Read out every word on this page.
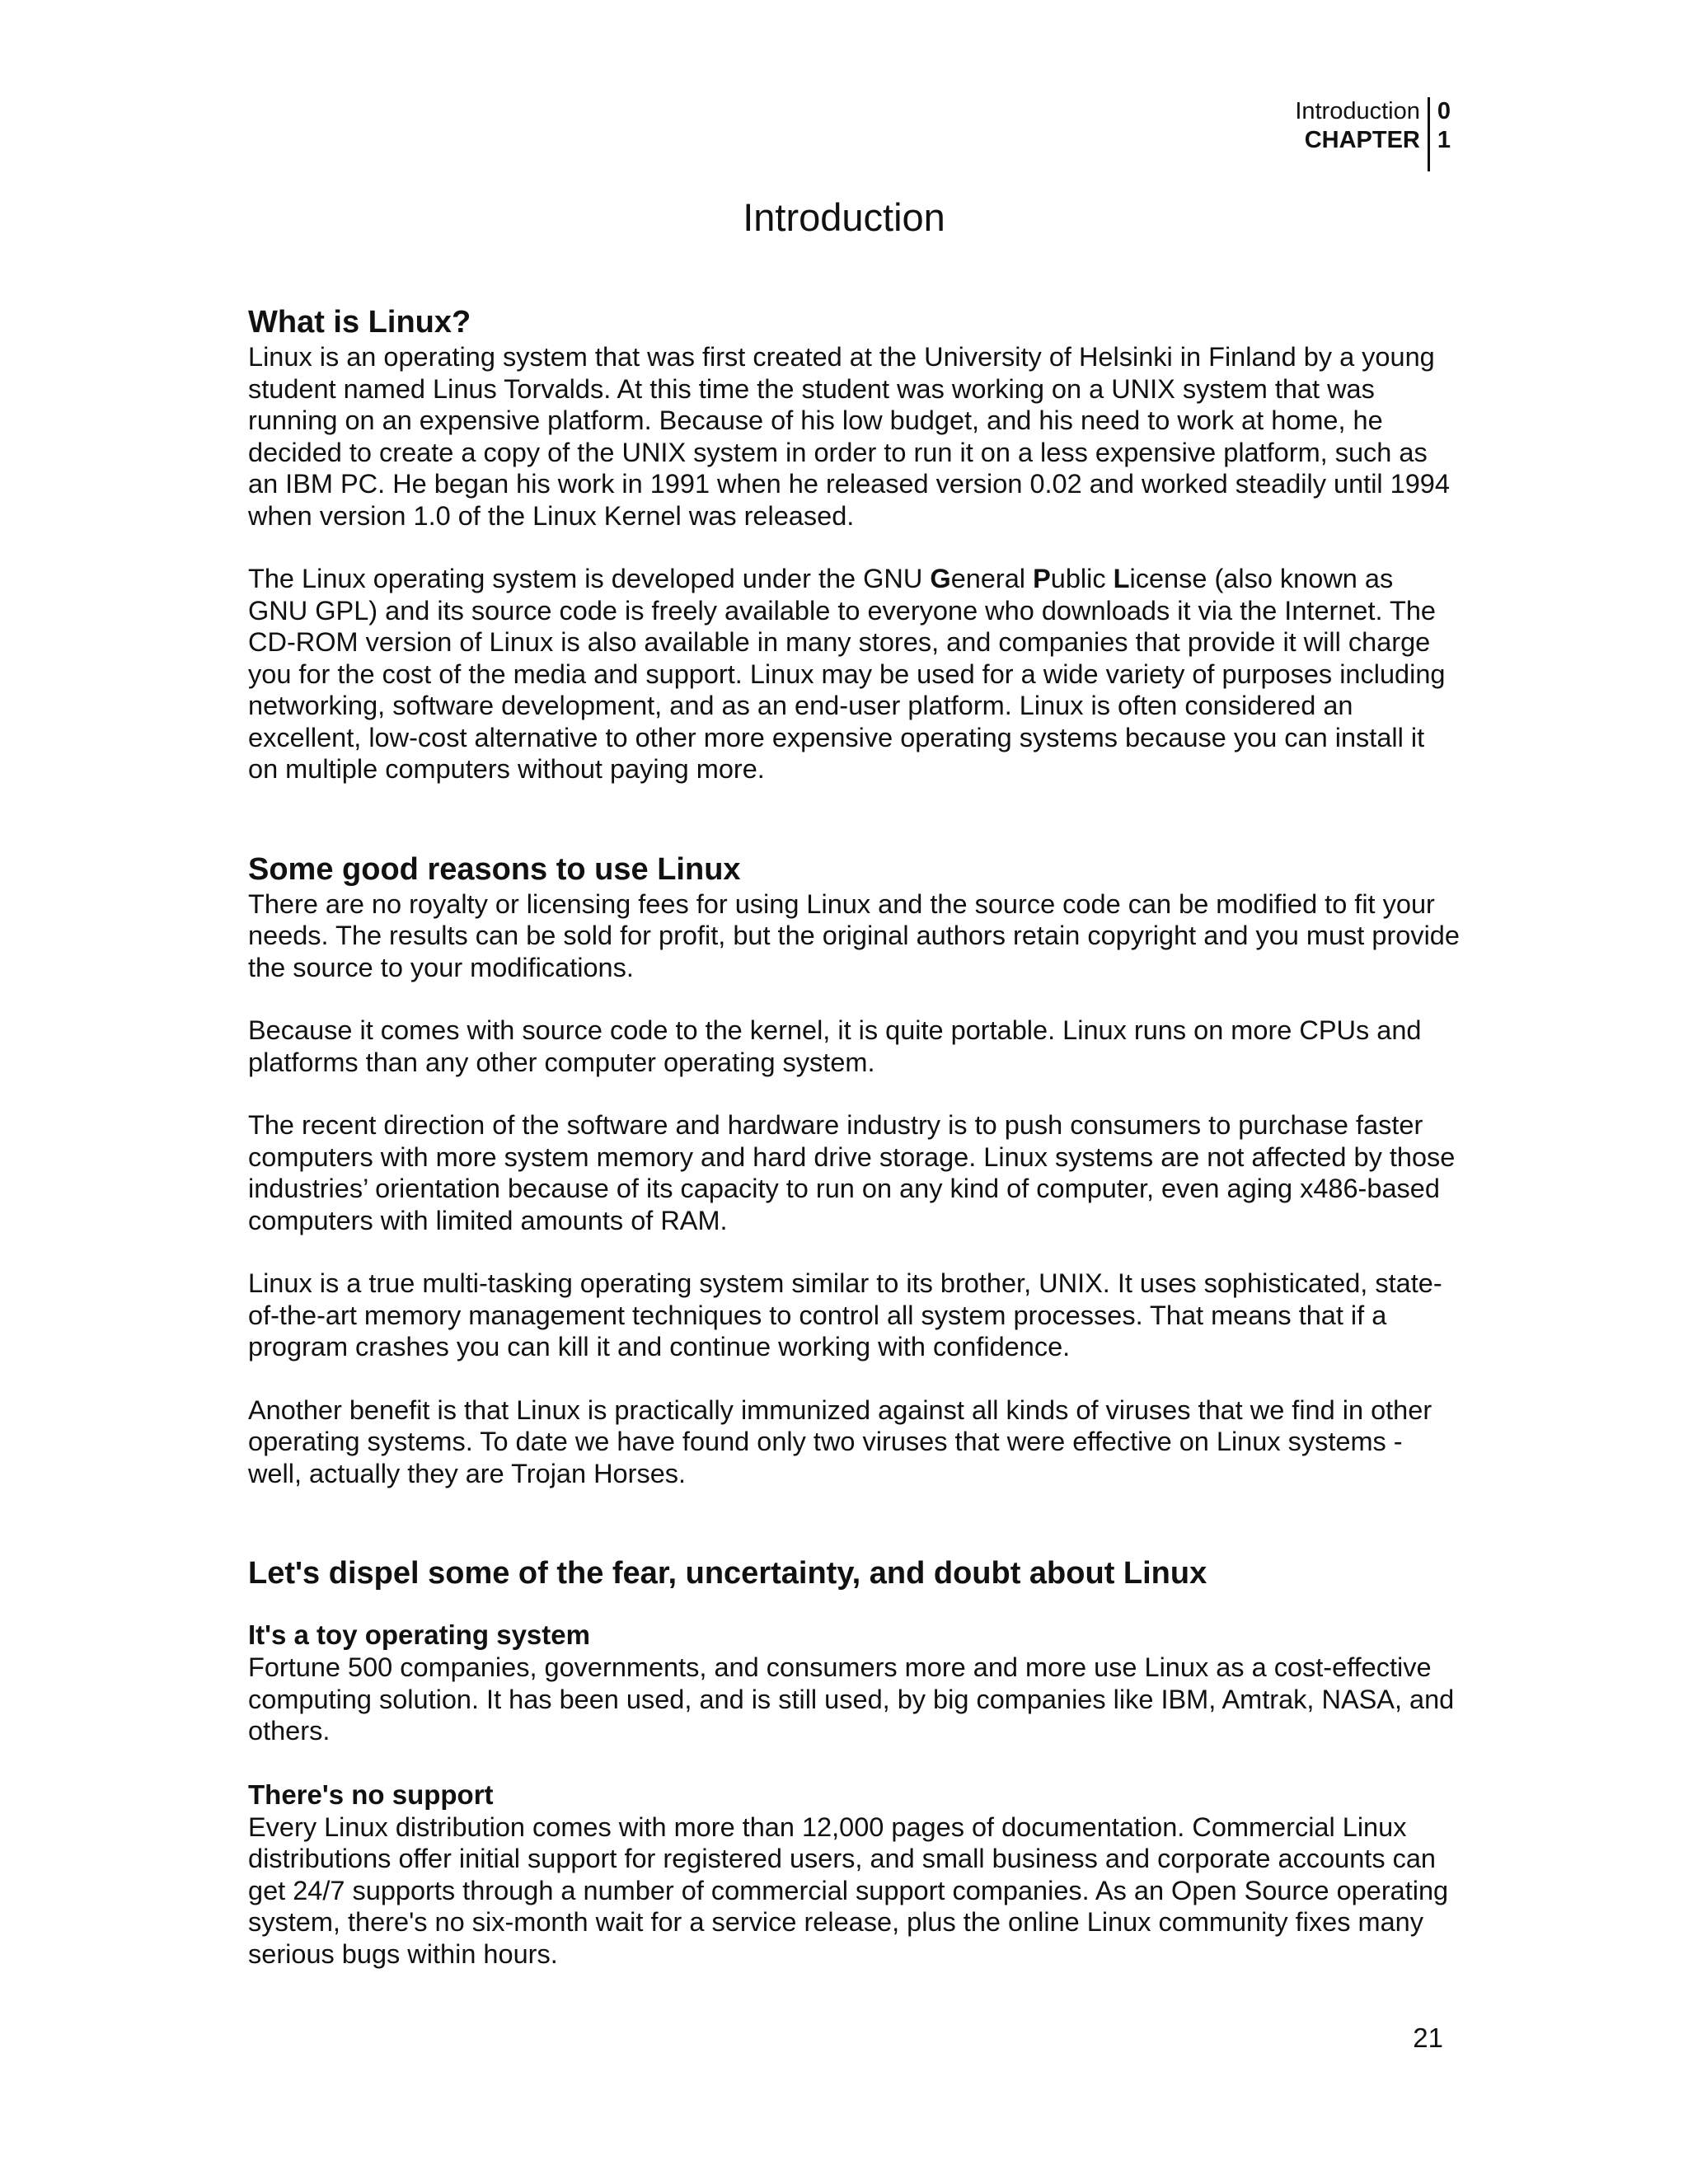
Introduction
CHAPTER
0
1
Introduction
What is Linux?

Linux is an operating system that was first created at the University of Helsinki in Finland by a young student named Linus Torvalds. At this time the student was working on a UNIX system that was running on an expensive platform. Because of his low budget, and his need to work at home, he decided to create a copy of the UNIX system in order to run it on a less expensive platform, such as an IBM PC. He began his work in 1991 when he released version 0.02 and worked steadily until 1994 when version 1.0 of the Linux Kernel was released.

The Linux operating system is developed under the GNU General Public License (also known as GNU GPL) and its source code is freely available to everyone who downloads it via the Internet. The CD-ROM version of Linux is also available in many stores, and companies that provide it will charge you for the cost of the media and support. Linux may be used for a wide variety of purposes including networking, software development, and as an end-user platform. Linux is often considered an excellent, low-cost alternative to other more expensive operating systems because you can install it on multiple computers without paying more.

Some good reasons to use Linux

There are no royalty or licensing fees for using Linux and the source code can be modified to fit your needs. The results can be sold for profit, but the original authors retain copyright and you must provide the source to your modifications.

Because it comes with source code to the kernel, it is quite portable. Linux runs on more CPUs and platforms than any other computer operating system.

The recent direction of the software and hardware industry is to push consumers to purchase faster computers with more system memory and hard drive storage. Linux systems are not affected by those industries’ orientation because of its capacity to run on any kind of computer, even aging x486-based computers with limited amounts of RAM.

Linux is a true multi-tasking operating system similar to its brother, UNIX. It uses sophisticated, state-of-the-art memory management techniques to control all system processes. That means that if a program crashes you can kill it and continue working with confidence.

Another benefit is that Linux is practically immunized against all kinds of viruses that we find in other operating systems. To date we have found only two viruses that were effective on Linux systems - well, actually they are Trojan Horses.

Let's dispel some of the fear, uncertainty, and doubt about Linux
It's a toy operating system

Fortune 500 companies, governments, and consumers more and more use Linux as a cost-effective computing solution. It has been used, and is still used, by big companies like IBM, Amtrak, NASA, and others.

There's no support

Every Linux distribution comes with more than 12,000 pages of documentation. Commercial Linux distributions offer initial support for registered users, and small business and corporate accounts can get 24/7 supports through a number of commercial support companies. As an Open Source operating system, there's no six-month wait for a service release, plus the online Linux community fixes many serious bugs within hours.

21
